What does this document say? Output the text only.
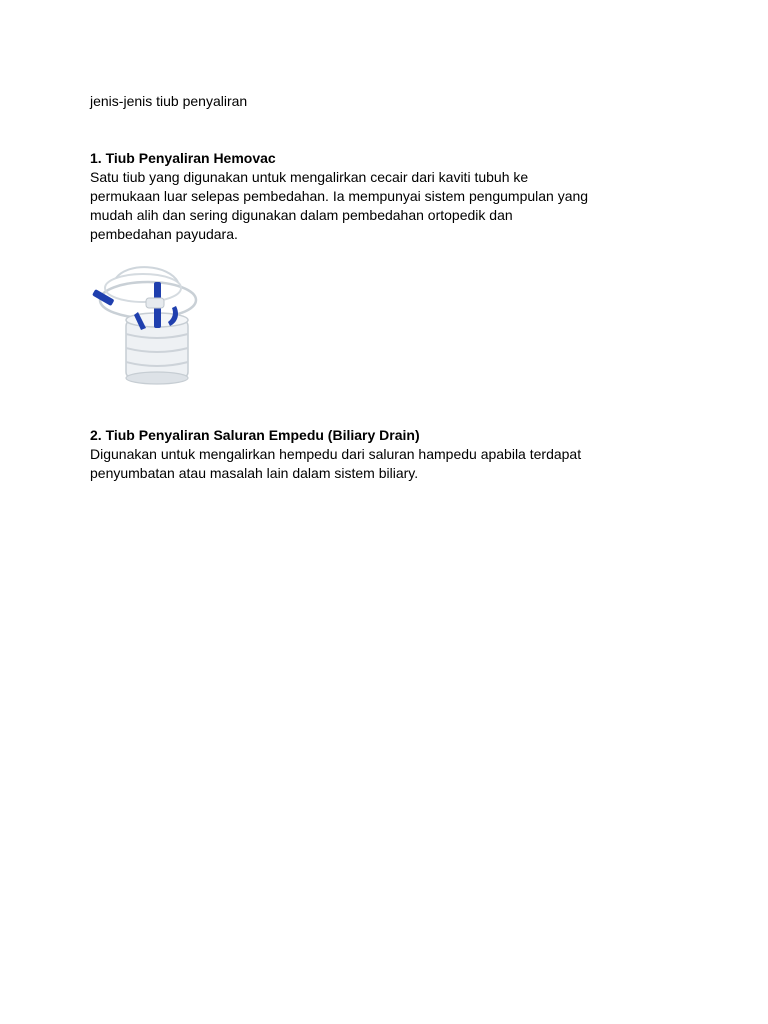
jenis-jenis tiub penyaliran

1. Tiub Penyaliran Hemovac

Satu tiub yang digunakan untuk mengalirkan cecair dari kaviti tubuh ke permukaan luar selepas pembedahan. Ia mempunyai sistem pengumpulan yang mudah alih dan sering digunakan dalam pembedahan ortopedik dan pembedahan payudara.

2. Tiub Penyaliran Saluran Empedu (Biliary Drain)

Digunakan untuk mengalirkan hempedu dari saluran hampedu apabila terdapat penyumbatan atau masalah lain dalam sistem biliary.
